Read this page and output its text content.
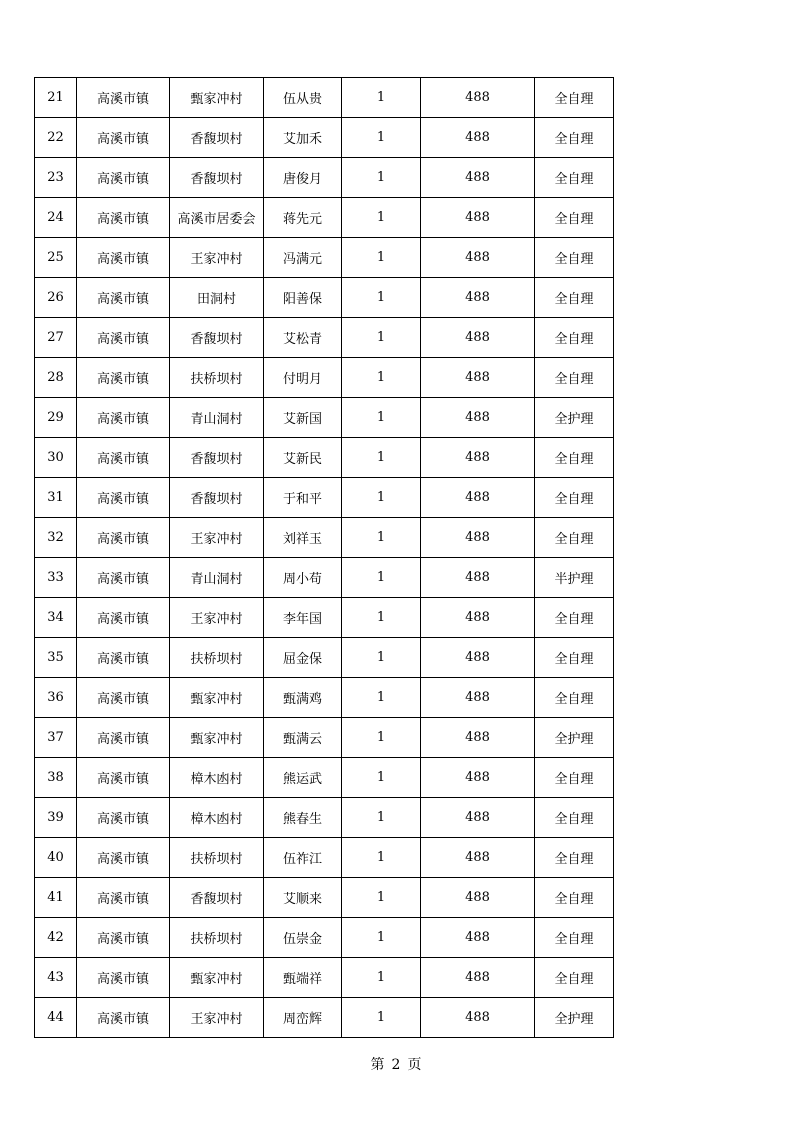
21	高溪市镇	甄家冲村	伍从贵	1	488	全自理
22	高溪市镇	香馥坝村	艾加禾	1	488	全自理
23	高溪市镇	香馥坝村	唐俊月	1	488	全自理
24	高溪市镇	高溪市居委会	蒋先元	1	488	全自理
25	高溪市镇	王家冲村	冯满元	1	488	全自理
26	高溪市镇	田洞村	阳善保	1	488	全自理
27	高溪市镇	香馥坝村	艾松青	1	488	全自理
28	高溪市镇	扶桥坝村	付明月	1	488	全自理
29	高溪市镇	青山洞村	艾新国	1	488	全护理
30	高溪市镇	香馥坝村	艾新民	1	488	全自理
31	高溪市镇	香馥坝村	于和平	1	488	全自理
32	高溪市镇	王家冲村	刘祥玉	1	488	全自理
33	高溪市镇	青山洞村	周小苟	1	488	半护理
34	高溪市镇	王家冲村	李年国	1	488	全自理
35	高溪市镇	扶桥坝村	屈金保	1	488	全自理
36	高溪市镇	甄家冲村	甄满鸡	1	488	全自理
37	高溪市镇	甄家冲村	甄满云	1	488	全护理
38	高溪市镇	樟木凼村	熊运武	1	488	全自理
39	高溪市镇	樟木凼村	熊春生	1	488	全自理
40	高溪市镇	扶桥坝村	伍祚江	1	488	全自理
41	高溪市镇	香馥坝村	艾顺来	1	488	全自理
42	高溪市镇	扶桥坝村	伍崇金	1	488	全自理
43	高溪市镇	甄家冲村	甄端祥	1	488	全自理
44	高溪市镇	王家冲村	周峦辉	1	488	全护理
第 2 页
